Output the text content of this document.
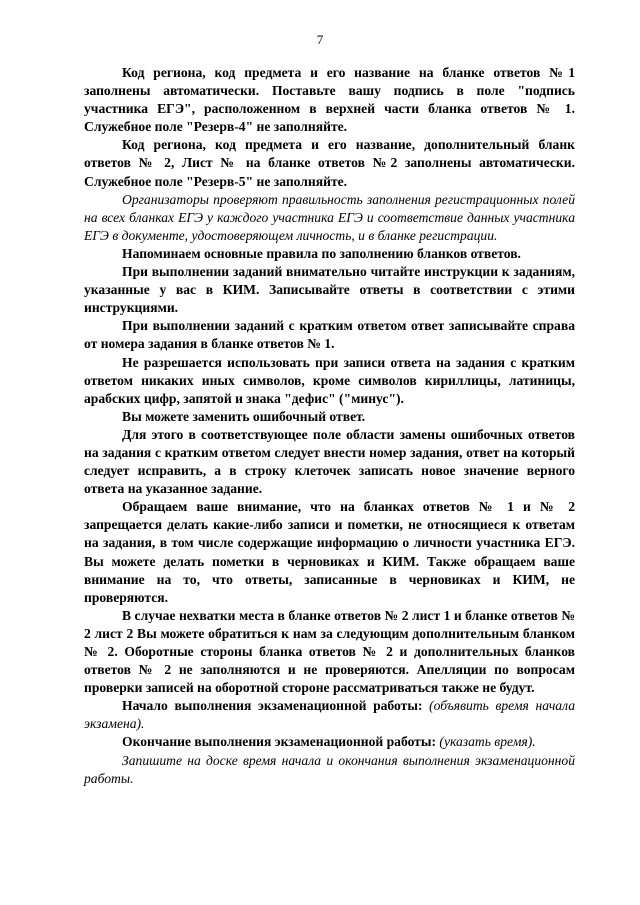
7

Код региона, код предмета и его название на бланке ответов №1 заполнены автоматически. Поставьте вашу подпись в поле "подпись участника ЕГЭ", расположенном в верхней части бланка ответов № 1. Служебное поле "Резерв-4" не заполняйте.

Код региона, код предмета и его название, дополнительный бланк ответов № 2, Лист № на бланке ответов №2 заполнены автоматически. Служебное поле "Резерв-5" не заполняйте.

Организаторы проверяют правильность заполнения регистрационных полей на всех бланках ЕГЭ у каждого участника ЕГЭ и соответствие данных участника ЕГЭ в документе, удостоверяющем личность, и в бланке регистрации.

Напоминаем основные правила по заполнению бланков ответов.

При выполнении заданий внимательно читайте инструкции к заданиям, указанные у вас в КИМ. Записывайте ответы в соответствии с этими инструкциями.

При выполнении заданий с кратким ответом ответ записывайте справа от номера задания в бланке ответов № 1.

Не разрешается использовать при записи ответа на задания с кратким ответом никаких иных символов, кроме символов кириллицы, латиницы, арабских цифр, запятой и знака "дефис" ("минус").

Вы можете заменить ошибочный ответ.

Для этого в соответствующее поле области замены ошибочных ответов на задания с кратким ответом следует внести номер задания, ответ на который следует исправить, а в строку клеточек записать новое значение верного ответа на указанное задание.

Обращаем ваше внимание, что на бланках ответов № 1 и № 2 запрещается делать какие-либо записи и пометки, не относящиеся к ответам на задания, в том числе содержащие информацию о личности участника ЕГЭ. Вы можете делать пометки в черновиках и КИМ. Также обращаем ваше внимание на то, что ответы, записанные в черновиках и КИМ, не проверяются.

В случае нехватки места в бланке ответов № 2 лист 1 и бланке ответов № 2 лист 2 Вы можете обратиться к нам за следующим дополнительным бланком № 2. Оборотные стороны бланка ответов № 2 и дополнительных бланков ответов № 2 не заполняются и не проверяются. Апелляции по вопросам проверки записей на оборотной стороне рассматриваться также не будут.

Начало выполнения экзаменационной работы: (объявить время начала экзамена).

Окончание выполнения экзаменационной работы: (указать время).

Запишите на доске время начала и окончания выполнения экзаменационной работы.
